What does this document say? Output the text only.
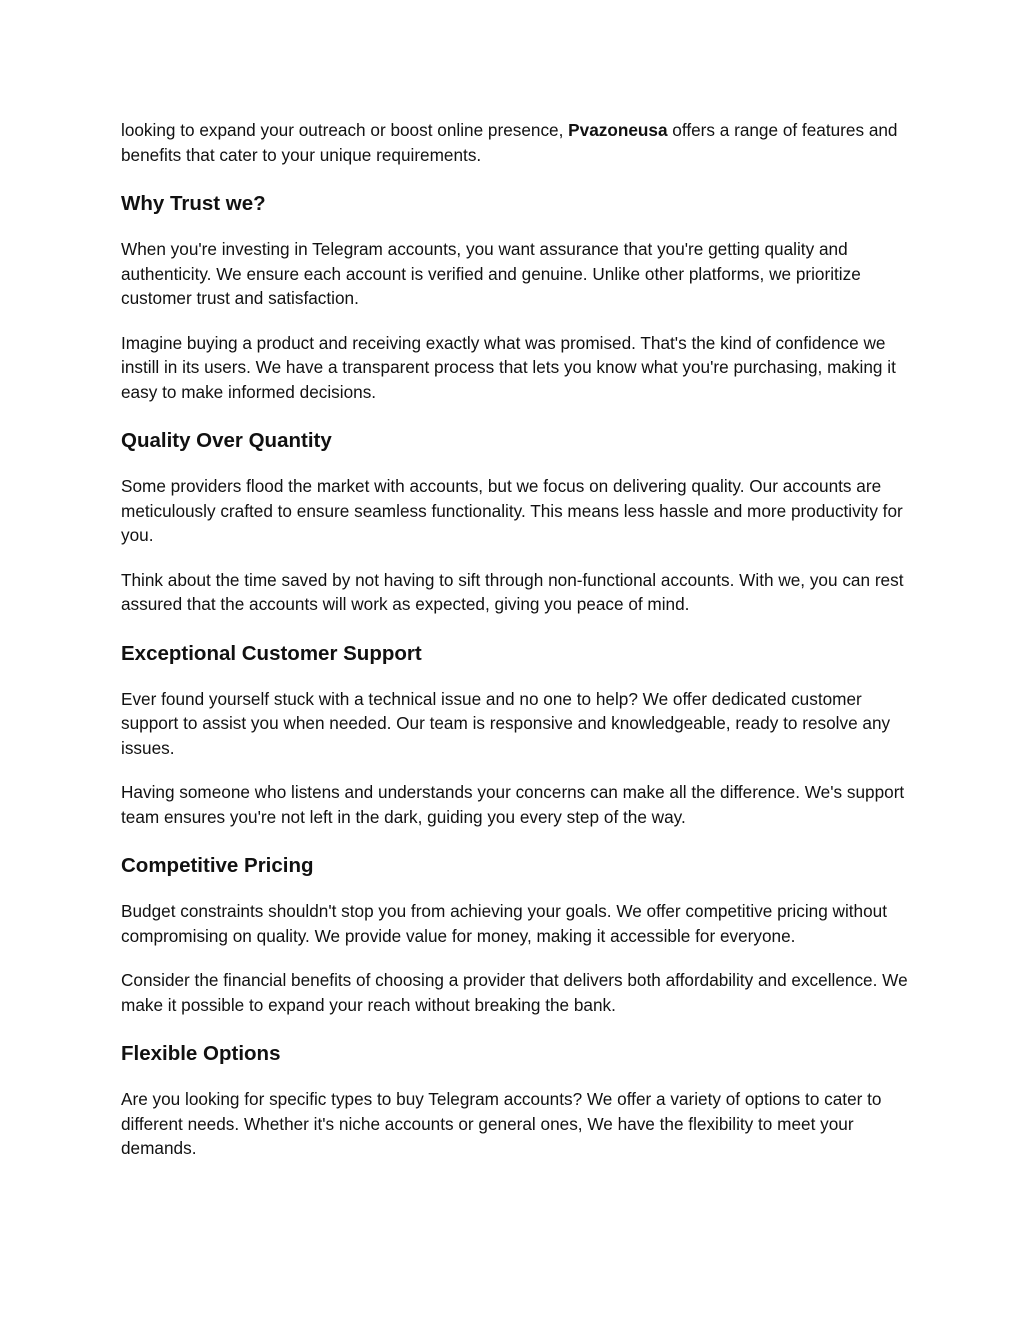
looking to expand your outreach or boost online presence, Pvazoneusa offers a range of features and benefits that cater to your unique requirements.

Why Trust we?

When you're investing in Telegram accounts, you want assurance that you're getting quality and authenticity. We ensure each account is verified and genuine. Unlike other platforms, we prioritize customer trust and satisfaction.

Imagine buying a product and receiving exactly what was promised. That's the kind of confidence we instill in its users. We have a transparent process that lets you know what you're purchasing, making it easy to make informed decisions.

Quality Over Quantity

Some providers flood the market with accounts, but we focus on delivering quality. Our accounts are meticulously crafted to ensure seamless functionality. This means less hassle and more productivity for you.

Think about the time saved by not having to sift through non-functional accounts. With we, you can rest assured that the accounts will work as expected, giving you peace of mind.

Exceptional Customer Support

Ever found yourself stuck with a technical issue and no one to help? We offer dedicated customer support to assist you when needed. Our team is responsive and knowledgeable, ready to resolve any issues.

Having someone who listens and understands your concerns can make all the difference. We's support team ensures you're not left in the dark, guiding you every step of the way.

Competitive Pricing

Budget constraints shouldn't stop you from achieving your goals. We offer competitive pricing without compromising on quality. We provide value for money, making it accessible for everyone.

Consider the financial benefits of choosing a provider that delivers both affordability and excellence. We make it possible to expand your reach without breaking the bank.

Flexible Options

Are you looking for specific types to buy Telegram accounts? We offer a variety of options to cater to different needs. Whether it's niche accounts or general ones, We have the flexibility to meet your demands.
